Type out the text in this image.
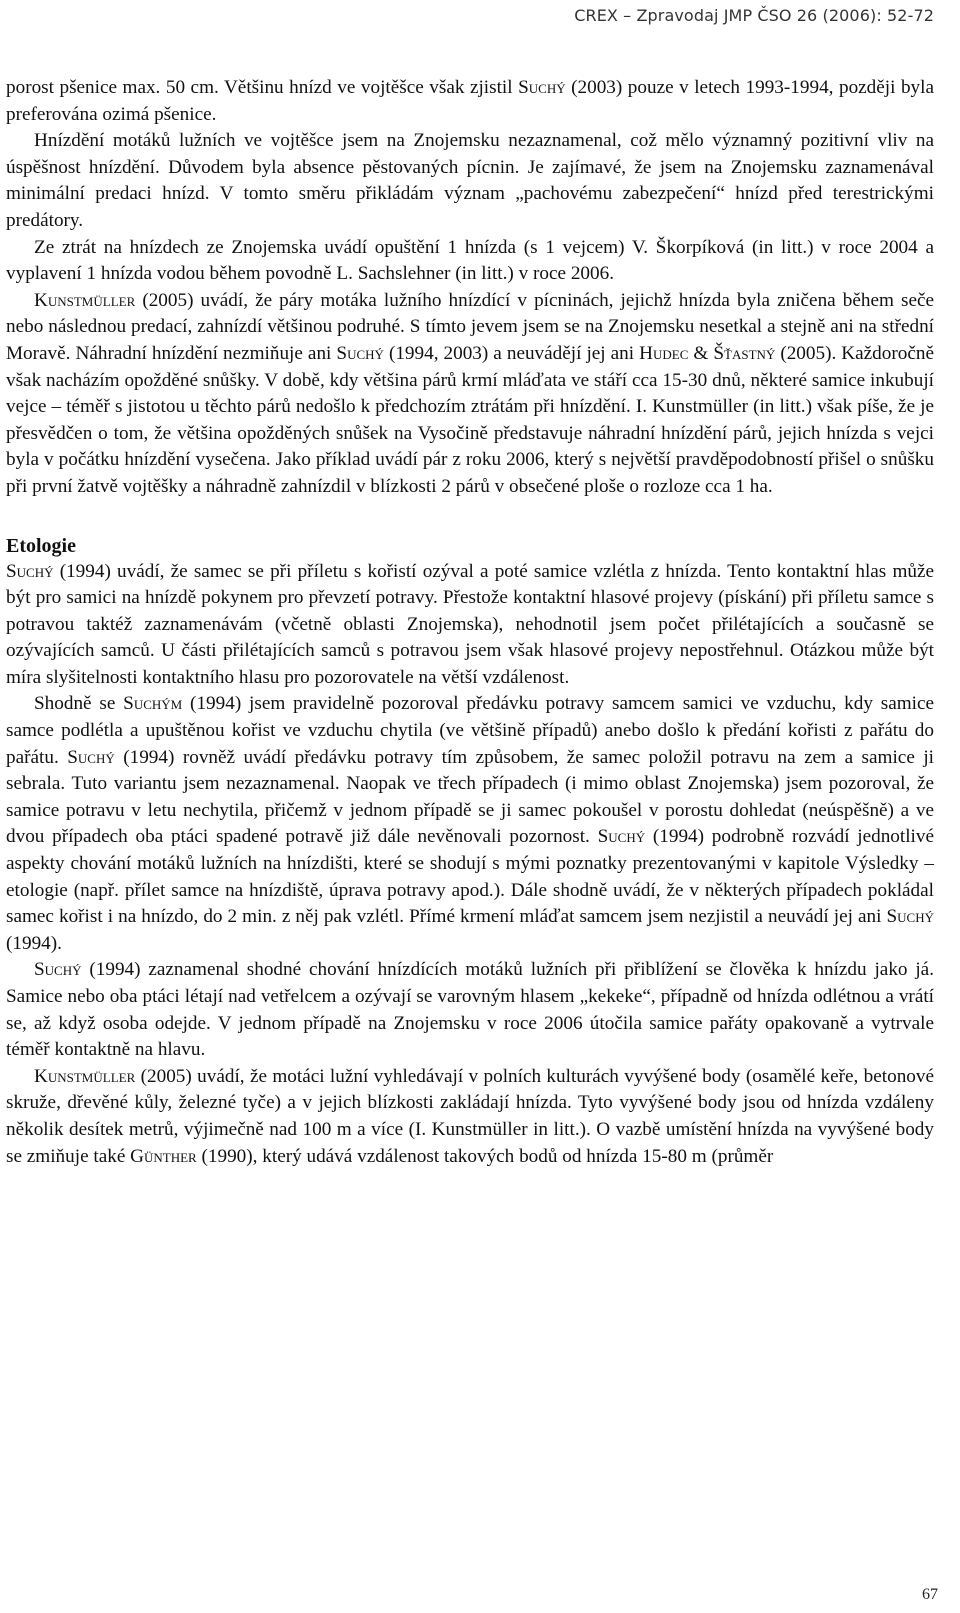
CREX – Zpravodaj JMP ČSO 26 (2006): 52-72

porost pšenice max. 50 cm. Většinu hnízd ve vojtěšce však zjistil Suchý (2003) pouze v letech 1993-1994, později byla preferována ozimá pšenice.

Hnízdění motáků lužních ve vojtěšce jsem na Znojemsku nezaznamenal, což mělo významný pozitivní vliv na úspěšnost hnízdění. Důvodem byla absence pěstovaných pícnin. Je zajímavé, že jsem na Znojemsku zaznamenával minimální predaci hnízd. V tomto směru přikládám význam „pachovému zabezpečení“ hnízd před terestrickými predátory.

Ze ztrát na hnízdech ze Znojemska uvádí opuštění 1 hnízda (s 1 vejcem) V. Škorpíková (in litt.) v roce 2004 a vyplavení 1 hnízda vodou během povodně L. Sachslehner (in litt.) v roce 2006.

Kunstmüller (2005) uvádí, že páry motáka lužního hnízdící v pícninách, jejichž hnízda byla zničena během seče nebo následnou predací, zahnízdí většinou podruhé. S tímto jevem jsem se na Znojemsku nesetkal a stejně ani na střední Moravě. Náhradní hnízdění nezmiňuje ani Suchý (1994, 2003) a neuvádějí jej ani Hudec & Šťastný (2005). Každoročně však nacházím opožděné snůšky. V době, kdy většina párů krmí mláďata ve stáří cca 15-30 dnů, některé samice inkubují vejce – téměř s jistotou u těchto párů nedošlo k předchozím ztrátám při hnízdění. I. Kunstmüller (in litt.) však píše, že je přesvědčen o tom, že většina opožděných snůšek na Vysočině představuje náhradní hnízdění párů, jejich hnízda s vejci byla v počátku hnízdění vysečena. Jako příklad uvádí pár z roku 2006, který s největší pravděpodobností přišel o snůšku při první žatvě vojtěšky a náhradně zahnízdil v blízkosti 2 párů v obsečené ploše o rozloze cca 1 ha.

Etologie

Suchý (1994) uvádí, že samec se při příletu s kořistí ozýval a poté samice vzlétla z hnízda. Tento kontaktní hlas může být pro samici na hnízdě pokynem pro převzetí potravy. Přestože kontaktní hlasové projevy (pískání) při příletu samce s potravou taktéž zaznamenávám (včetně oblasti Znojemska), nehodnotil jsem počet přilétajících a současně se ozývajících samců. U části přilétajících samců s potravou jsem však hlasové projevy nepostřehnul. Otázkou může být míra slyšitelnosti kontaktního hlasu pro pozorovatele na větší vzdálenost.

Shodně se Suchým (1994) jsem pravidelně pozoroval předávku potravy samcem samici ve vzduchu, kdy samice samce podlétla a upuštěnou kořist ve vzduchu chytila (ve většině případů) anebo došlo k předání kořisti z pařátu do pařátu. Suchý (1994) rovněž uvádí předávku potravy tím způsobem, že samec položil potravu na zem a samice ji sebrala. Tuto variantu jsem nezaznamenal. Naopak ve třech případech (i mimo oblast Znojemska) jsem pozoroval, že samice potravu v letu nechytila, přičemž v jednom případě se ji samec pokoušel v porostu dohledat (neúspěšně) a ve dvou případech oba ptáci spadené potravě již dále nevěnovali pozornost. Suchý (1994) podrobně rozvádí jednotlivé aspekty chování motáků lužních na hnízdišti, které se shodují s mými poznatky prezentovanými v kapitole Výsledky – etologie (např. přílet samce na hnízdiště, úprava potravy apod.). Dále shodně uvádí, že v některých případech pokládal samec kořist i na hnízdo, do 2 min. z něj pak vzlétl. Přímé krmení mláďat samcem jsem nezjistil a neuvádí jej ani Suchý (1994).

Suchý (1994) zaznamenal shodné chování hnízdících motáků lužních při přiblížení se člověka k hnízdu jako já. Samice nebo oba ptáci létají nad vetřelcem a ozývají se varovným hlasem „kekeke“, případně od hnízda odlétnou a vrátí se, až když osoba odejde. V jednom případě na Znojemsku v roce 2006 útočila samice pařáty opakovaně a vytrvale téměř kontaktně na hlavu.

Kunstmüller (2005) uvádí, že motáci lužní vyhledávají v polních kulturách vyvýšené body (osamělé keře, betonové skruže, dřevěné kůly, železné tyče) a v jejich blízkosti zakládají hnízda. Tyto vyvýšené body jsou od hnízda vzdáleny několik desítek metrů, výjimečně nad 100 m a více (I. Kunstmüller in litt.). O vazbě umístění hnízda na vyvýšené body se zmiňuje také Günther (1990), který udává vzdálenost takových bodů od hnízda 15-80 m (průměr

67
